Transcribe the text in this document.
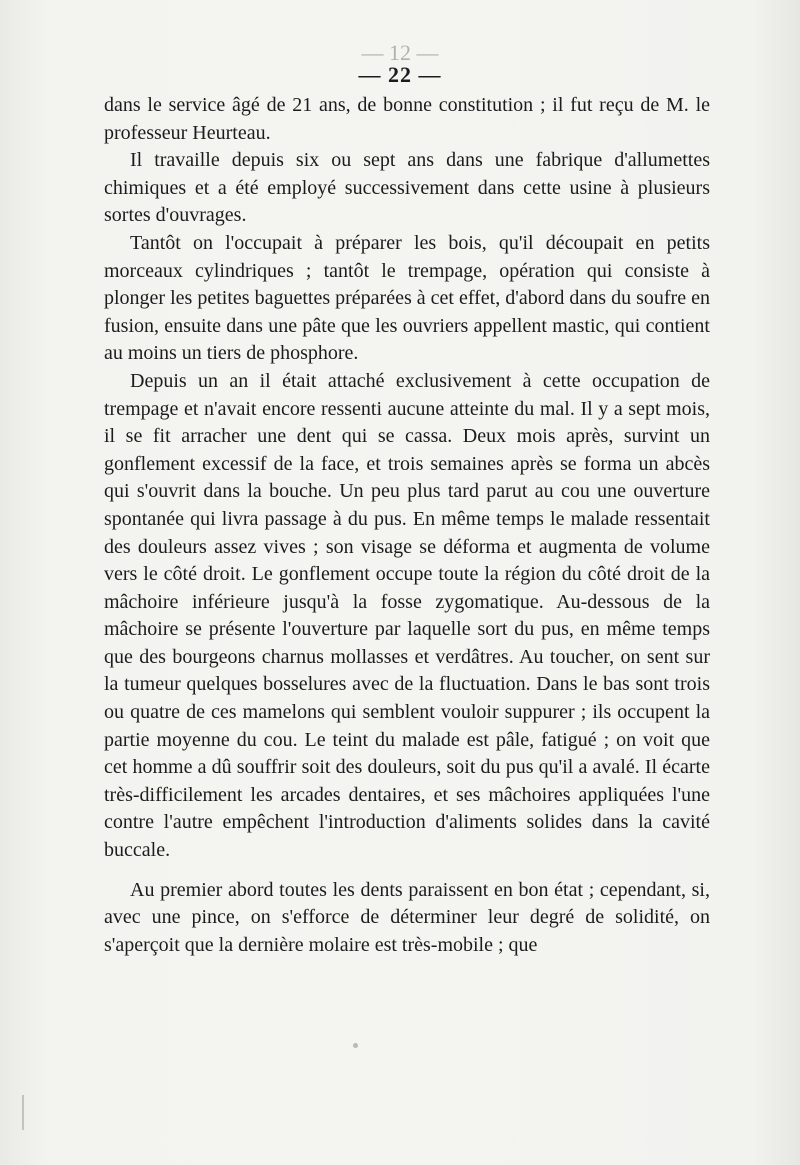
— 12 —
— 22 —

dans le service âgé de 21 ans, de bonne constitution ; il fut reçu de M. le professeur Heurteau.

Il travaille depuis six ou sept ans dans une fabrique d'allumettes chimiques et a été employé successivement dans cette usine à plusieurs sortes d'ouvrages.

Tantôt on l'occupait à préparer les bois, qu'il découpait en petits morceaux cylindriques ; tantôt le trempage, opération qui consiste à plonger les petites baguettes préparées à cet effet, d'abord dans du soufre en fusion, ensuite dans une pâte que les ouvriers appellent mastic, qui contient au moins un tiers de phosphore.

Depuis un an il était attaché exclusivement à cette occupation de trempage et n'avait encore ressenti aucune atteinte du mal. Il y a sept mois, il se fit arracher une dent qui se cassa. Deux mois après, survint un gonflement excessif de la face, et trois semaines après se forma un abcès qui s'ouvrit dans la bouche. Un peu plus tard parut au cou une ouverture spontanée qui livra passage à du pus. En même temps le malade ressentait des douleurs assez vives ; son visage se déforma et augmenta de volume vers le côté droit. Le gonflement occupe toute la région du côté droit de la mâchoire inférieure jusqu'à la fosse zygomatique. Au-dessous de la mâchoire se présente l'ouverture par laquelle sort du pus, en même temps que des bourgeons charnus mollasses et verdâtres. Au toucher, on sent sur la tumeur quelques bosselures avec de la fluctuation. Dans le bas sont trois ou quatre de ces mamelons qui semblent vouloir suppurer ; ils occupent la partie moyenne du cou. Le teint du malade est pâle, fatigué ; on voit que cet homme a dû souffrir soit des douleurs, soit du pus qu'il a avalé. Il écarte très-difficilement les arcades dentaires, et ses mâchoires appliquées l'une contre l'autre empêchent l'introduction d'aliments solides dans la cavité buccale.

Au premier abord toutes les dents paraissent en bon état ; cependant, si, avec une pince, on s'efforce de déterminer leur degré de solidité, on s'aperçoit que la dernière molaire est très-mobile ; que
